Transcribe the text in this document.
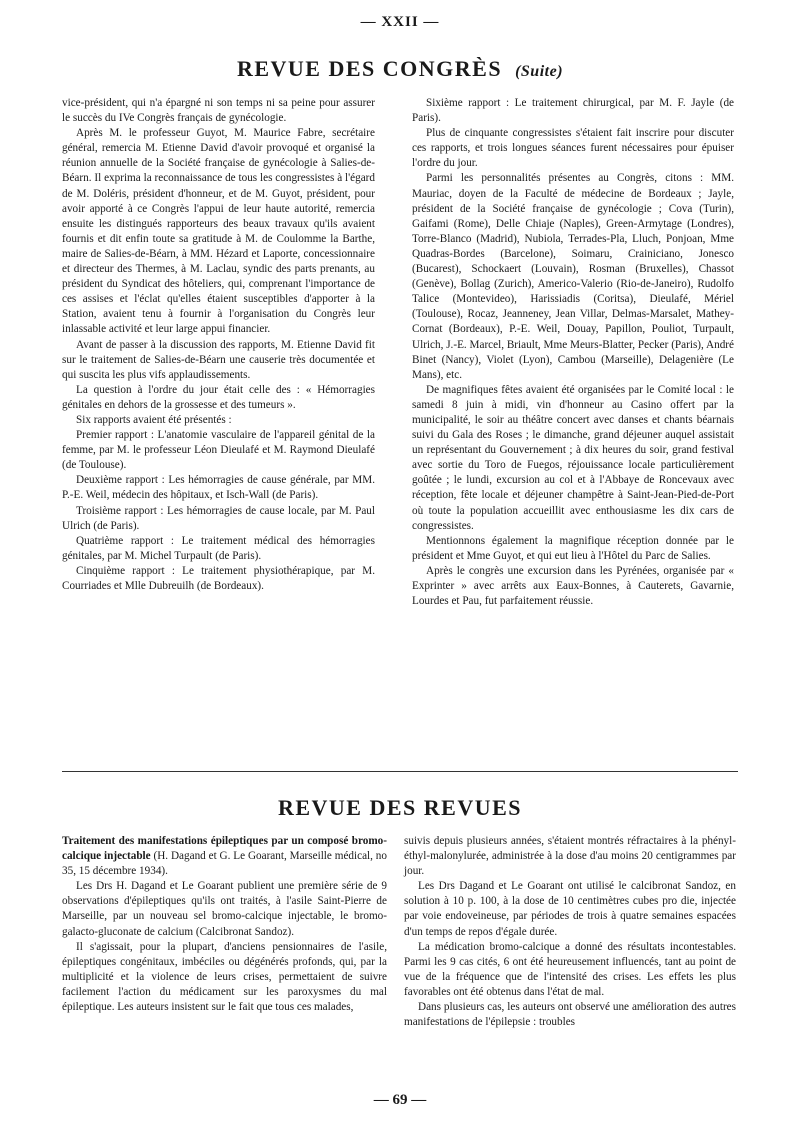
— XXII —
REVUE DES CONGRÈS (Suite)

vice-président, qui n'a épargné ni son temps ni sa peine pour assurer le succès du IVe Congrès français de gynécologie.

Après M. le professeur Guyot, M. Maurice Fabre, secrétaire général, remercia M. Etienne David d'avoir provoqué et organisé la réunion annuelle de la Société française de gynécologie à Salies-de-Béarn. Il exprima la reconnaissance de tous les congressistes à l'égard de M. Doléris, président d'honneur, et de M. Guyot, président, pour avoir apporté à ce Congrès l'appui de leur haute autorité, remercia ensuite les distingués rapporteurs des beaux travaux qu'ils avaient fournis et dit enfin toute sa gratitude à M. de Coulomme la Barthe, maire de Salies-de-Béarn, à MM. Hézard et Laporte, concessionnaire et directeur des Thermes, à M. Laclau, syndic des parts prenants, au président du Syndicat des hôteliers, qui, comprenant l'importance de ces assises et l'éclat qu'elles étaient susceptibles d'apporter à la Station, avaient tenu à fournir à l'organisation du Congrès leur inlassable activité et leur large appui financier.

Avant de passer à la discussion des rapports, M. Etienne David fit sur le traitement de Salies-de-Béarn une causerie très documentée et qui suscita les plus vifs applaudissements.

La question à l'ordre du jour était celle des : « Hémorragies génitales en dehors de la grossesse et des tumeurs ».

Six rapports avaient été présentés :

Premier rapport : L'anatomie vasculaire de l'appareil génital de la femme, par M. le professeur Léon Dieulafé et M. Raymond Dieulafé (de Toulouse).

Deuxième rapport : Les hémorragies de cause générale, par MM. P.-E. Weil, médecin des hôpitaux, et Isch-Wall (de Paris).

Troisième rapport : Les hémorragies de cause locale, par M. Paul Ulrich (de Paris).

Quatrième rapport : Le traitement médical des hémorragies génitales, par M. Michel Turpault (de Paris).

Cinquième rapport : Le traitement physiothérapique, par M. Courriades et Mlle Dubreuilh (de Bordeaux).

Sixième rapport : Le traitement chirurgical, par M. F. Jayle (de Paris).

Plus de cinquante congressistes s'étaient fait inscrire pour discuter ces rapports, et trois longues séances furent nécessaires pour épuiser l'ordre du jour.

Parmi les personnalités présentes au Congrès, citons : MM. Mauriac, doyen de la Faculté de médecine de Bordeaux ; Jayle, président de la Société française de gynécologie ; Cova (Turin), Gaifami (Rome), Delle Chiaje (Naples), Green-Armytage (Londres), Torre-Blanco (Madrid), Nubiola, Terrades-Pla, Lluch, Ponjoan, Mme Quadras-Bordes (Barcelone), Soimaru, Crainiciano, Jonesco (Bucarest), Schockaert (Louvain), Rosman (Bruxelles), Chassot (Genève), Bollag (Zurich), Americo-Valerio (Rio-de-Janeiro), Rudolfo Talice (Montevideo), Harissiadis (Coritsa), Dieulafé, Mériel (Toulouse), Rocaz, Jeanneney, Jean Villar, Delmas-Marsalet, Mathey-Cornat (Bordeaux), P.-E. Weil, Douay, Papillon, Pouliot, Turpault, Ulrich, J.-E. Marcel, Briault, Mme Meurs-Blatter, Pecker (Paris), André Binet (Nancy), Violet (Lyon), Cambou (Marseille), Delagenière (Le Mans), etc.

De magnifiques fêtes avaient été organisées par le Comité local : le samedi 8 juin à midi, vin d'honneur au Casino offert par la municipalité, le soir au théâtre concert avec danses et chants béarnais suivi du Gala des Roses ; le dimanche, grand déjeuner auquel assistait un représentant du Gouvernement ; à dix heures du soir, grand festival avec sortie du Toro de Fuegos, réjouissance locale particulièrement goûtée ; le lundi, excursion au col et à l'Abbaye de Roncevaux avec réception, fête locale et déjeuner champêtre à Saint-Jean-Pied-de-Port où toute la population accueillit avec enthousiasme les dix cars de congressistes.

Mentionnons également la magnifique réception donnée par le président et Mme Guyot, et qui eut lieu à l'Hôtel du Parc de Salies.

Après le congrès une excursion dans les Pyrénées, organisée par « Exprinter » avec arrêts aux Eaux-Bonnes, à Cauterets, Gavarnie, Lourdes et Pau, fut parfaitement réussie.

REVUE DES REVUES

Traitement des manifestations épileptiques par un composé bromo-calcique injectable (H. Dagand et G. Le Goarant, Marseille médical, no 35, 15 décembre 1934).

Les Drs H. Dagand et Le Goarant publient une première série de 9 observations d'épileptiques qu'ils ont traités, à l'asile Saint-Pierre de Marseille, par un nouveau sel bromo-calcique injectable, le bromo-galacto-gluconate de calcium (Calcibronat Sandoz).

Il s'agissait, pour la plupart, d'anciens pensionnaires de l'asile, épileptiques congénitaux, imbéciles ou dégénérés profonds, qui, par la multiplicité et la violence de leurs crises, permettaient de suivre facilement l'action du médicament sur les paroxysmes du mal épileptique. Les auteurs insistent sur le fait que tous ces malades,

suivis depuis plusieurs années, s'étaient montrés réfractaires à la phényl-éthyl-malonylurée, administrée à la dose d'au moins 20 centigrammes par jour.

Les Drs Dagand et Le Goarant ont utilisé le calcibronat Sandoz, en solution à 10 p. 100, à la dose de 10 centimètres cubes pro die, injectée par voie endoveineuse, par périodes de trois à quatre semaines espacées d'un temps de repos d'égale durée.

La médication bromo-calcique a donné des résultats incontestables. Parmi les 9 cas cités, 6 ont été heureusement influencés, tant au point de vue de la fréquence que de l'intensité des crises. Les effets les plus favorables ont été obtenus dans l'état de mal.

Dans plusieurs cas, les auteurs ont observé une amélioration des autres manifestations de l'épilepsie : troubles

— 69 —
